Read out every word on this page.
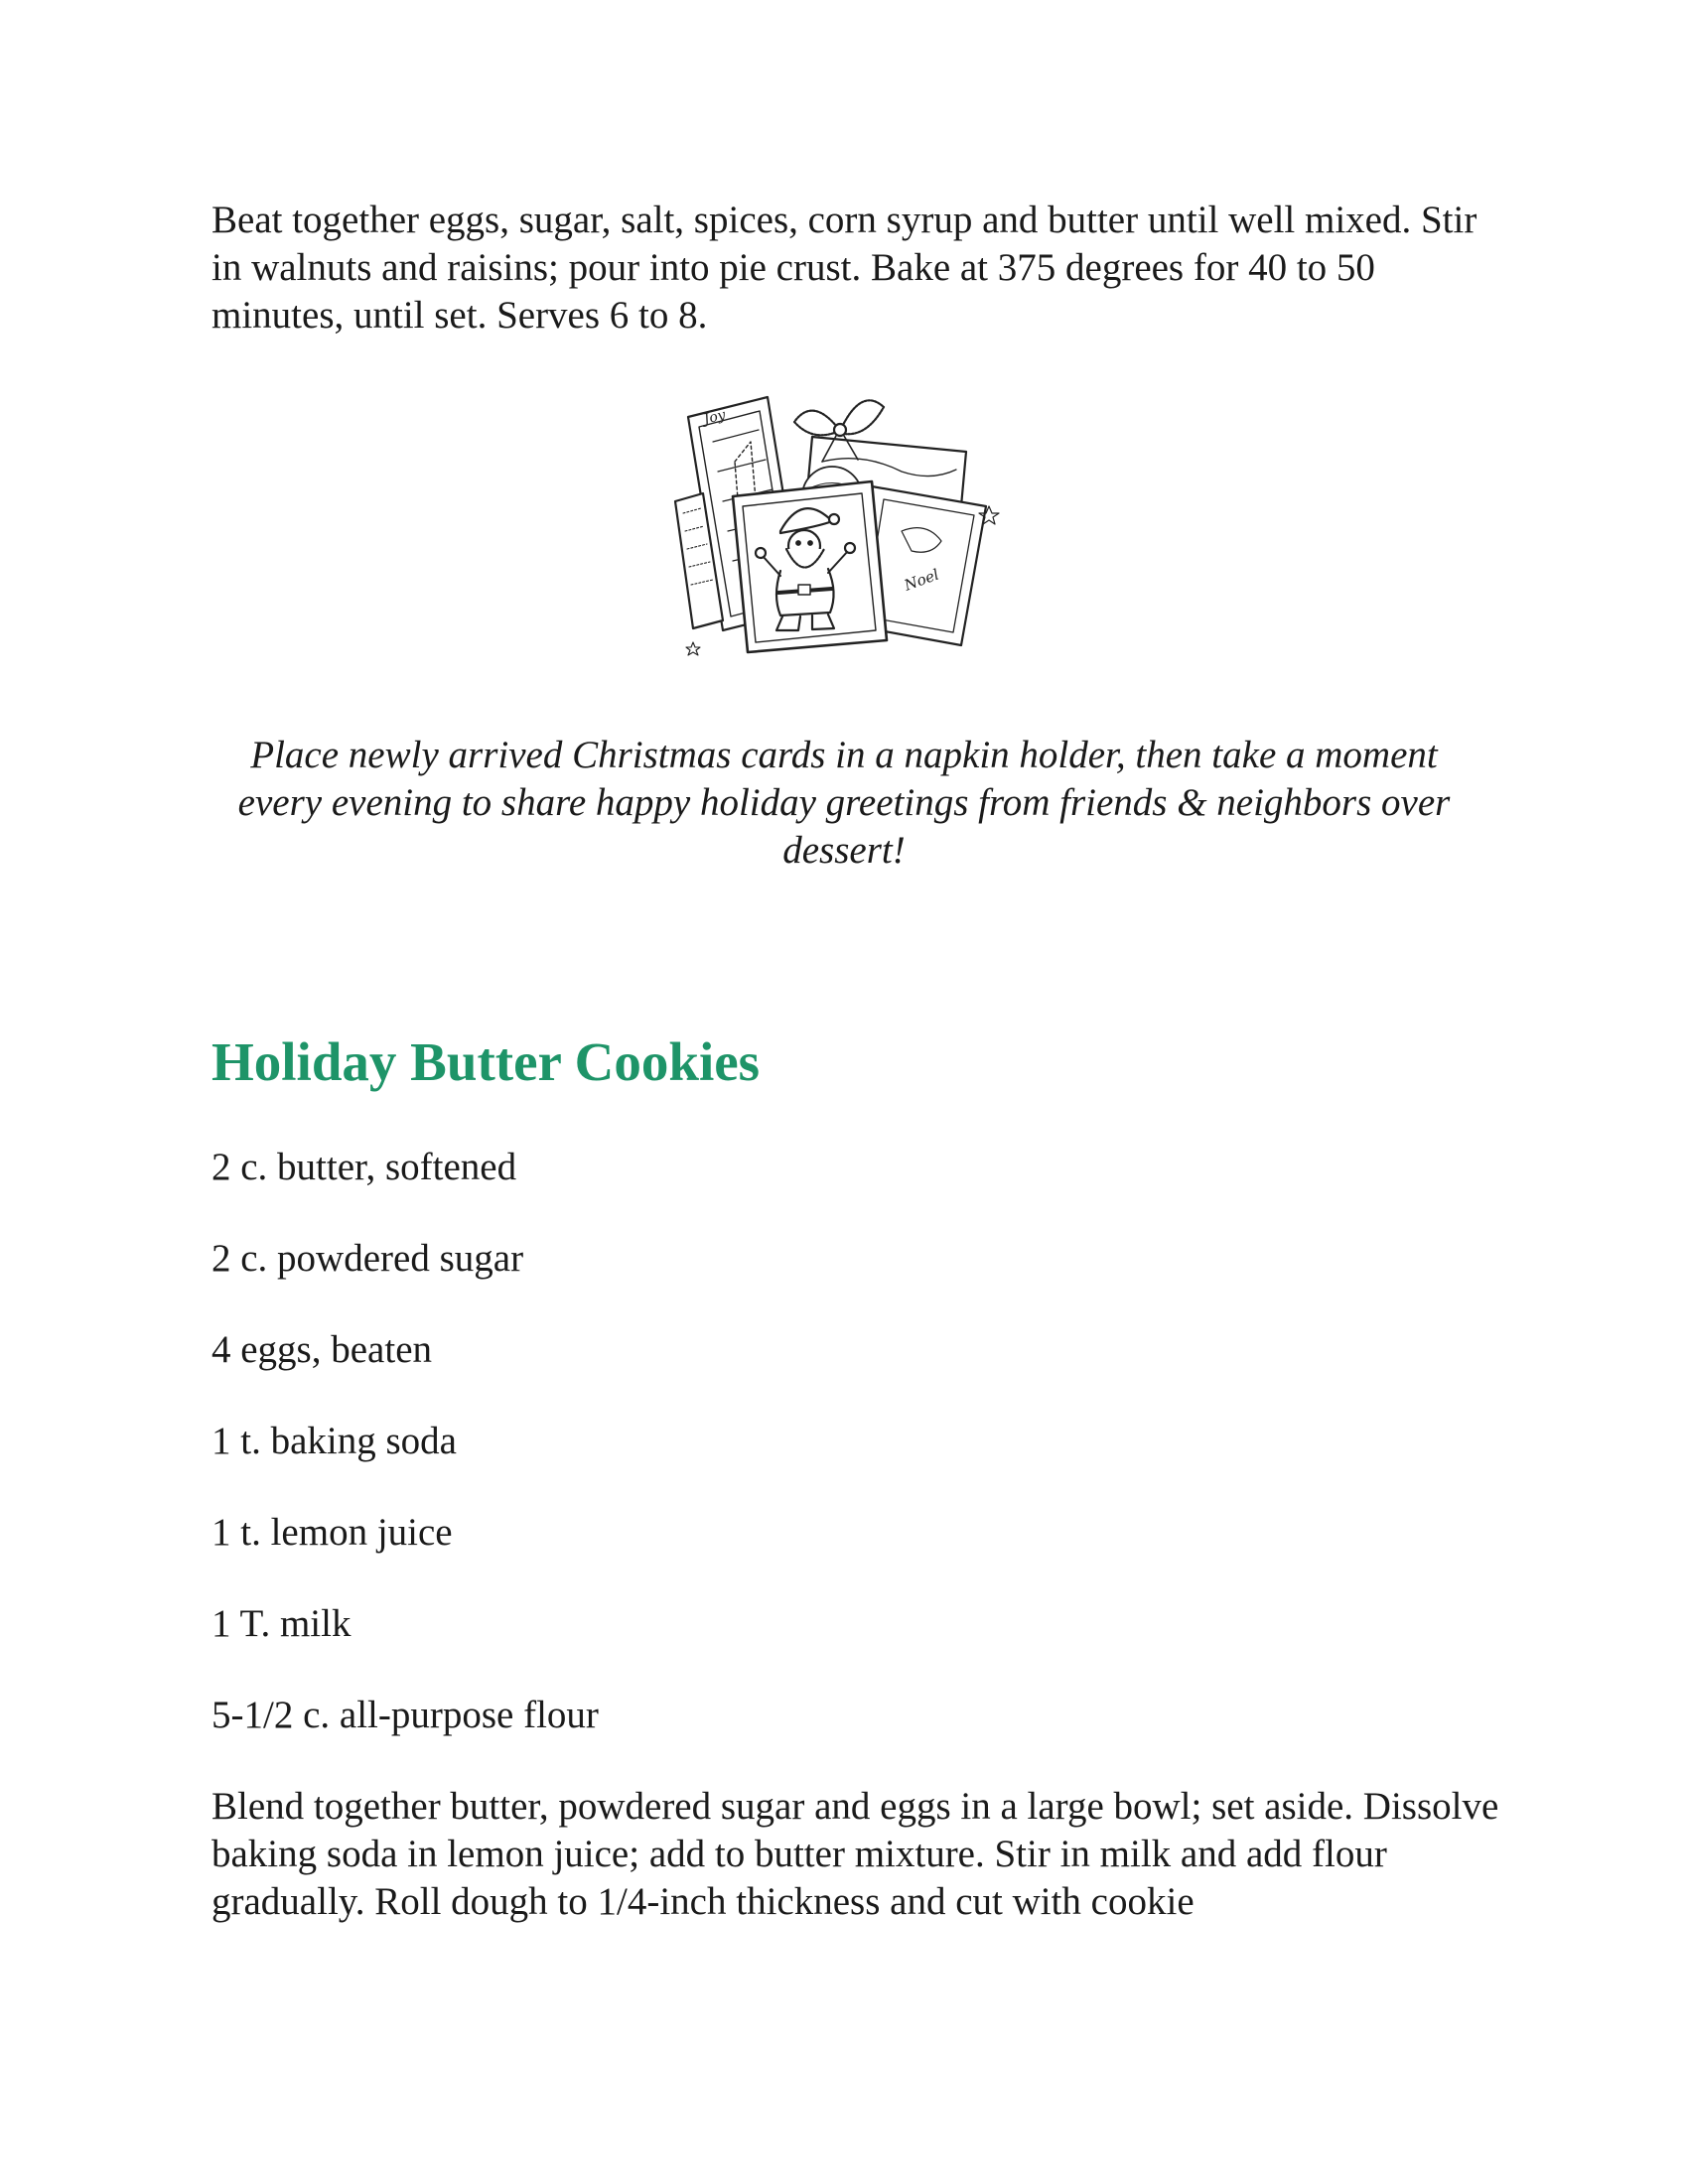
Beat together eggs, sugar, salt, spices, corn syrup and butter until well mixed. Stir in walnuts and raisins; pour into pie crust. Bake at 375 degrees for 40 to 50 minutes, until set. Serves 6 to 8.

Joy
Noel

Place newly arrived Christmas cards in a napkin holder, then take a moment every evening to share happy holiday greetings from friends & neighbors over dessert!

Holiday Butter Cookies
2 c. butter, softened
2 c. powdered sugar
4 eggs, beaten
1 t. baking soda
1 t. lemon juice
1 T. milk
5-1/2 c. all-purpose flour

Blend together butter, powdered sugar and eggs in a large bowl; set aside. Dissolve baking soda in lemon juice; add to butter mixture. Stir in milk and add flour gradually. Roll dough to 1/4-inch thickness and cut with cookie
